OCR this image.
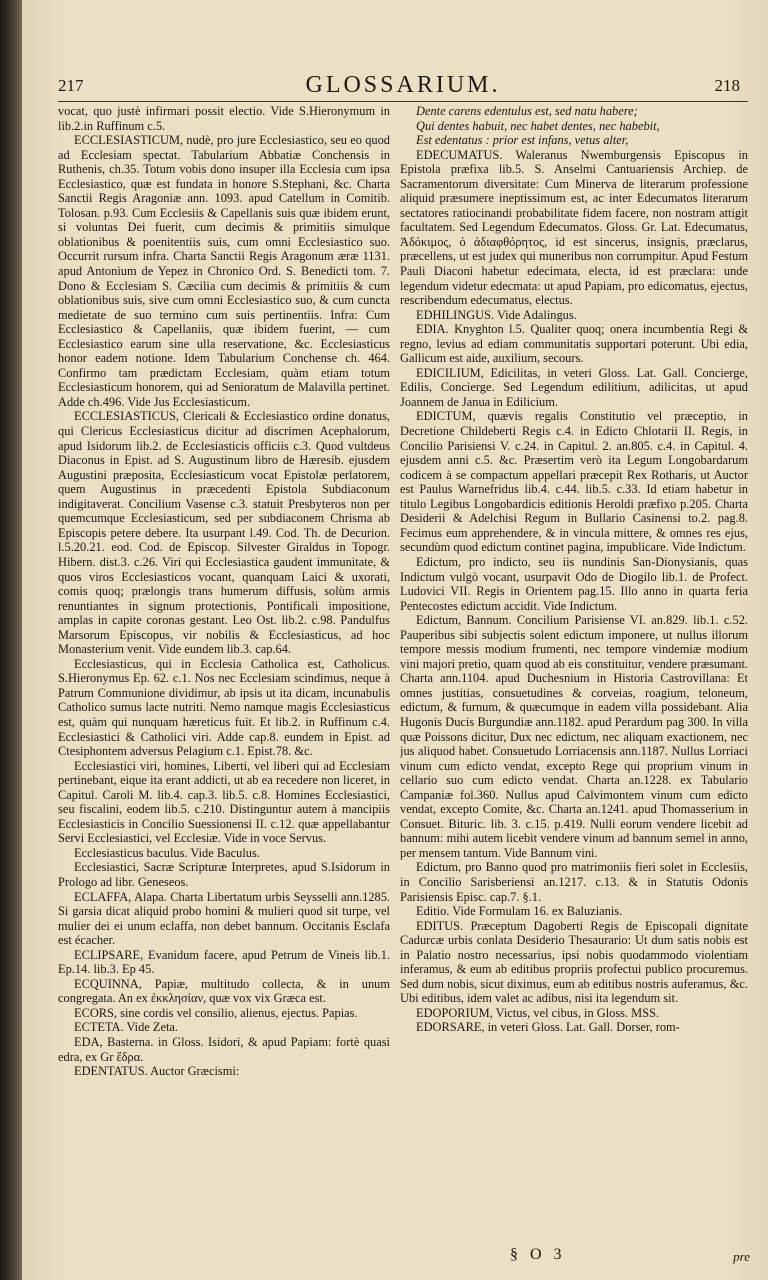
217	GLOSSARIUM.	218

vocat, quo justè infirmari possit electio. Vide S.Hieronymum in lib.2.in Ruffinum c.5.

ECCLESIASTICUM, nudè, pro jure Ecclesiastico, seu eo quod ad Ecclesiam spectat. Tabularium Abbatiæ Conchensis in Ruthenis, ch.35. Totum vobis dono insuper illa Ecclesia cum ipsa Ecclesiastico, quæ est fundata in honore S.Stephani, &c. Charta Sanctii Regis Aragoniæ ann. 1093. apud Catellum in Comitib. Tolosan. p.93. Cum Ecclesiis & Capellanis suis quæ ibidem erunt, si voluntas Dei fuerit, cum decimis & primitiis simulque oblationibus & poenitentiis suis, cum omni Ecclesiastico suo. Occurrit rursum infra. Charta Sanctii Regis Aragonum æræ 1131. apud Antonium de Yepez in Chronico Ord. S. Benedicti tom. 7. Dono & Ecclesiam S. Cæcilia cum decimis & primitiis & cum oblationibus suis, sive cum omni Ecclesiastico suo, & cum cuncta medietate de suo termino cum suis pertinentiis. Infra: Cum Ecclesiastico & Capellaniis, quæ ibidem fuerint, — cum Ecclesiastico earum sine ulla reservatione, &c. Ecclesiasticus honor eadem notione. Idem Tabularium Conchense ch. 464. Confirmo tam prædictam Ecclesiam, quàm etiam totum Ecclesiasticum honorem, qui ad Senioratum de Malavilla pertinet. Adde ch.496. Vide Jus Ecclesiasticum.

ECCLESIASTICUS, Clericali & Ecclesiastico ordine donatus, qui Clericus Ecclesiasticus dicitur ad discrimen Acephalorum, apud Isidorum lib.2. de Ecclesiasticis officiis c.3. Quod vultdeus Diaconus in Epist. ad S. Augustinum libro de Hæresib. ejusdem Augustini præposita, Ecclesiasticum vocat Epistolæ perlatorem, quem Augustinus in præcedenti Epistola Subdiaconum indigitaverat. Concilium Vasense c.3. statuit Presbyteros non per quemcumque Ecclesiasticum, sed per subdiaconem Chrisma ab Episcopis petere debere. Ita usurpant l.49. Cod. Th. de Decurion. l.5.20.21. eod. Cod. de Episcop. Silvester Giraldus in Topogr. Hibern. dist.3. c.26. Viri qui Ecclesiastica gaudent immunitate, & quos viros Ecclesiasticos vocant, quanquam Laici & uxorati, comis quoq; prælongis trans humerum diffusis, solùm armis renuntiantes in signum protectionis, Pontificali impositione, amplas in capite coronas gestant. Leo Ost. lib.2. c.98. Pandulfus Marsorum Episcopus, vir nobilis & Ecclesiasticus, ad hoc Monasterium venit. Vide eundem lib.3. cap.64.

Ecclesiasticus, qui in Ecclesia Catholica est, Catholicus. S.Hieronymus Ep. 62. c.1. Nos nec Ecclesiam scindimus, neque à Patrum Communione dividimur, ab ipsis ut ita dicam, incunabulis Catholico sumus lacte nutriti. Nemo namque magis Ecclesiasticus est, quàm qui nunquam hæreticus fuit. Et lib.2. in Ruffinum c.4. Ecclesiastici & Catholici viri. Adde cap.8. eundem in Epist. ad Ctesiphontem adversus Pelagium c.1. Epist.78. &c.

Ecclesiastici viri, homines, Liberti, vel liberi qui ad Ecclesiam pertinebant, eique ita erant addicti, ut ab ea recedere non liceret, in Capitul. Caroli M. lib.4. cap.3. lib.5. c.8. Homines Ecclesiastici, seu fiscalini, eodem lib.5. c.210. Distinguntur autem à mancipiis Ecclesiasticis in Concilio Suessionensi II. c.12. quæ appellabantur Servi Ecclesiastici, vel Ecclesiæ. Vide in voce Servus.

Ecclesiasticus baculus. Vide Baculus.

Ecclesiastici, Sacræ Scripturæ Interpretes, apud S.Isidorum in Prologo ad libr. Geneseos.

ECLAFFA, Alapa. Charta Libertatum urbis Seysselli ann.1285. Si garsia dicat aliquid probo homini & mulieri quod sit turpe, vel mulier dei ei unum eclaffa, non debet bannum. Occitanis Esclafa est écacher.

ECLIPSARE, Evanidum facere, apud Petrum de Vineis lib.1. Ep.14. lib.3. Ep 45.

ECQUINNA, Papiæ, multitudo collecta, & in unum congregata. An ex ἐκκλησίαν, quæ vox vix Græca est.

ECORS, sine cordis vel consilio, alienus, ejectus. Papias.

ECTETA. Vide Zeta.

EDA, Basterna. in Gloss. Isidori, & apud Papiam: fortè quasi edra, ex Gr ἕδρα.

EDENTATUS. Auctor Græcismi:

Dente carens edentulus est, sed natu habere;

Qui dentes habuit, nec habet dentes, nec habebit,

Est edentatus : prior est infans, vetus alter,

EDECUMATUS. Waleranus Nwemburgensis Episcopus in Epistola præfixa lib.5. S. Anselmi Cantuariensis Archiep. de Sacramentorum diversitate: Cum Minerva de literarum professione aliquid præsumere ineptissimum est, ac inter Edecumatos literarum sectatores ratiocinandi probabilitate fidem facere, non nostram attigit facultatem. Sed Legendum Edecumatos. Gloss. Gr. Lat. Edecumatus, Ἀδόκιμος, ὁ ἀδιαφθόρητος, id est sincerus, insignis, præclarus, præcellens, ut est judex qui muneribus non corrumpitur. Apud Festum Pauli Diaconi habetur edecimata, electa, id est præclara: unde legendum videtur edecmata: ut apud Papiam, pro edicomatus, ejectus, rescribendum edecumatus, electus.

EDHILINGUS. Vide Adalingus.

EDIA. Knyghton l.5. Qualiter quoq; onera incumbentia Regi & regno, levius ad ediam communitatis supportari poterunt. Ubi edia, Gallicum est aide, auxilium, secours.

EDICILIUM, Edicilitas, in veteri Gloss. Lat. Gall. Concierge, Edilis, Concierge. Sed Legendum edilitium, adilicitas, ut apud Joannem de Janua in Edilicium.

EDICTUM, quævis regalis Constitutio vel præceptio, in Decretione Childeberti Regis c.4. in Edicto Chlotarii II. Regis, in Concilio Parisiensi V. c.24. in Capitul. 2. an.805. c.4. in Capitul. 4. ejusdem anni c.5. &c. Præsertim verò ita Legum Longobardarum codicem à se compactum appellari præcepit Rex Rotharis, ut Auctor est Paulus Warnefridus lib.4. c.44. lib.5. c.33. Id etiam habetur in titulo Legibus Longobardicis editionis Heroldi præfixo p.205. Charta Desiderii & Adelchisi Regum in Bullario Casinensi to.2. pag.8. Fecimus eum apprehendere, & in vincula mittere, & omnes res ejus, secundùm quod edictum continet pagina, impublicare. Vide Indictum.

Edictum, pro indicto, seu iis nundinis San-Dionysianis, quas Indictum vulgò vocant, usurpavit Odo de Diogilo lib.1. de Profect. Ludovici VII. Regis in Orientem pag.15. Illo anno in quarta feria Pentecostes edictum accidit. Vide Indictum.

Edictum, Bannum. Concilium Parisiense VI. an.829. lib.1. c.52. Pauperibus sibi subjectis solent edictum imponere, ut nullus illorum tempore messis modium frumenti, nec tempore vindemiæ modium vini majori pretio, quam quod ab eis constituitur, vendere præsumant. Charta ann.1104. apud Duchesnium in Historia Castrovillana: Et omnes justitias, consuetudines & corveias, roagium, teloneum, edictum, & furnum, & quæcumque in eadem villa possidebant. Alia Hugonis Ducis Burgundiæ ann.1182. apud Perardum pag 300. In villa quæ Poissons dicitur, Dux nec edictum, nec aliquam exactionem, nec jus aliquod habet. Consuetudo Lorriacensis ann.1187. Nullus Lorriaci vinum cum edicto vendat, excepto Rege qui proprium vinum in cellario suo cum edicto vendat. Charta an.1228. ex Tabulario Campaniæ fol.360. Nullus apud Calvimontem vinum cum edicto vendat, excepto Comite, &c. Charta an.1241. apud Thomasserium in Consuet. Bituric. lib. 3. c.15. p.419. Nulli eorum vendere licebit ad bannum: mihi autem licebit vendere vinum ad bannum semel in anno, per mensem tantum. Vide Bannum vini.

Edictum, pro Banno quod pro matrimoniis fieri solet in Ecclesiis, in Concilio Sarisberiensi an.1217. c.13. & in Statutis Odonis Parisiensis Episc. cap.7. §.1.

Editio. Vide Formulam 16. ex Baluzianis.

EDITUS. Præceptum Dagoberti Regis de Episcopali dignitate Cadurcæ urbis conlata Desiderio Thesaurario: Ut dum satis nobis est in Palatio nostro necessarius, ipsi nobis quodammodo violentiam inferamus, & eum ab editibus propriis profectui publico procuremus. Sed dum nobis, sicut diximus, eum ab editibus nostris auferamus, &c. Ubi editibus, idem valet ac adibus, nisi ita legendum sit.

EDOPORIUM, Victus, vel cibus, in Gloss. MSS.

EDORSARE, in veteri Gloss. Lat. Gall. Dorser, rom-

§ O 3	pre
